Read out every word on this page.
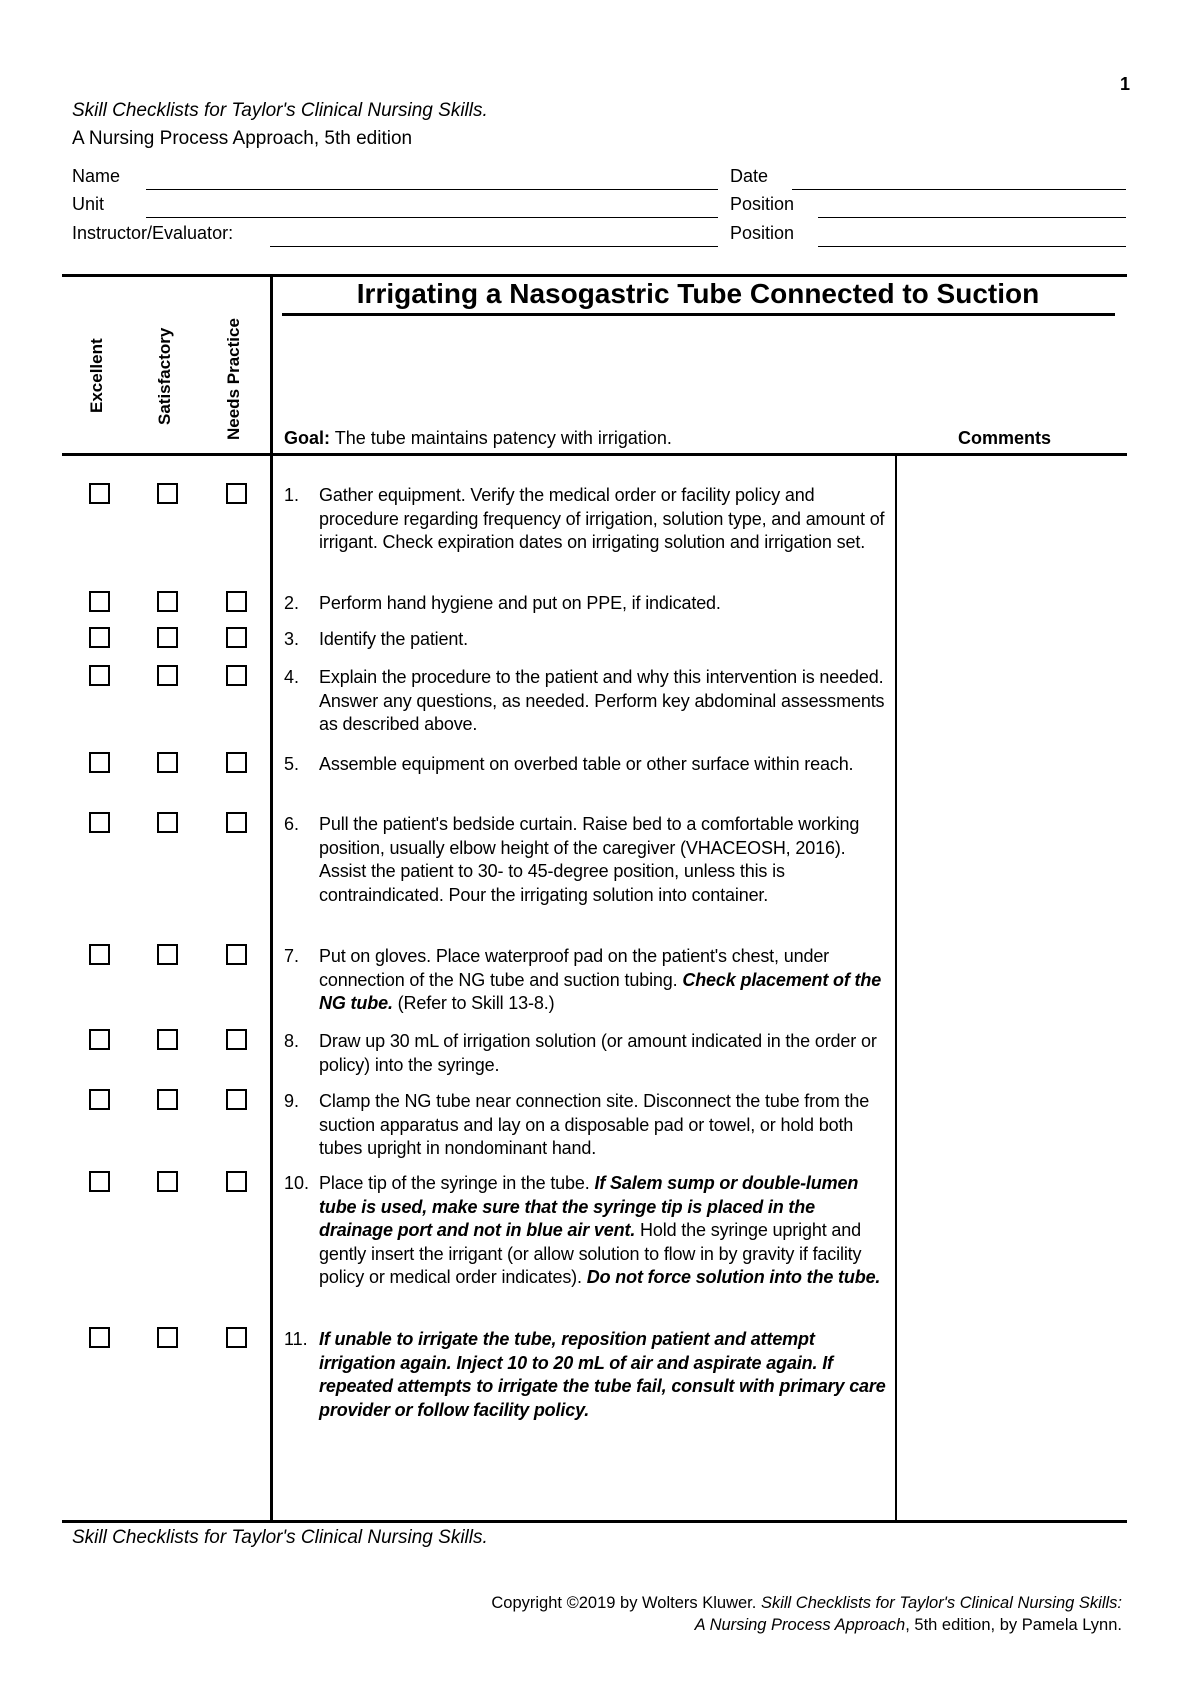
1
Skill Checklists for Taylor's Clinical Nursing Skills.
A Nursing Process Approach, 5th edition
Name	Date
Unit	Position
Instructor/Evaluator:	Position
Excellent	Satisfactory	Needs Practice
Irrigating a Nasogastric Tube Connected to Suction
Goal: The tube maintains patency with irrigation.	Comments
1. Gather equipment. Verify the medical order or facility policy and procedure regarding frequency of irrigation, solution type, and amount of irrigant. Check expiration dates on irrigating solution and irrigation set.
2. Perform hand hygiene and put on PPE, if indicated.
3. Identify the patient.
4. Explain the procedure to the patient and why this intervention is needed. Answer any questions, as needed. Perform key abdominal assessments as described above.
5. Assemble equipment on overbed table or other surface within reach.
6. Pull the patient's bedside curtain. Raise bed to a comfortable working position, usually elbow height of the caregiver (VHACEOSH, 2016). Assist the patient to 30- to 45-degree position, unless this is contraindicated. Pour the irrigating solution into container.
7. Put on gloves. Place waterproof pad on the patient's chest, under connection of the NG tube and suction tubing. Check placement of the NG tube. (Refer to Skill 13-8.)
8. Draw up 30 mL of irrigation solution (or amount indicated in the order or policy) into the syringe.
9. Clamp the NG tube near connection site. Disconnect the tube from the suction apparatus and lay on a disposable pad or towel, or hold both tubes upright in nondominant hand.
10. Place tip of the syringe in the tube. If Salem sump or double-lumen tube is used, make sure that the syringe tip is placed in the drainage port and not in blue air vent. Hold the syringe upright and gently insert the irrigant (or allow solution to flow in by gravity if facility policy or medical order indicates). Do not force solution into the tube.
11. If unable to irrigate the tube, reposition patient and attempt irrigation again. Inject 10 to 20 mL of air and aspirate again. If repeated attempts to irrigate the tube fail, consult with primary care provider or follow facility policy.
Skill Checklists for Taylor's Clinical Nursing Skills.
Copyright ©2019 by Wolters Kluwer. Skill Checklists for Taylor's Clinical Nursing Skills:
A Nursing Process Approach, 5th edition, by Pamela Lynn.
